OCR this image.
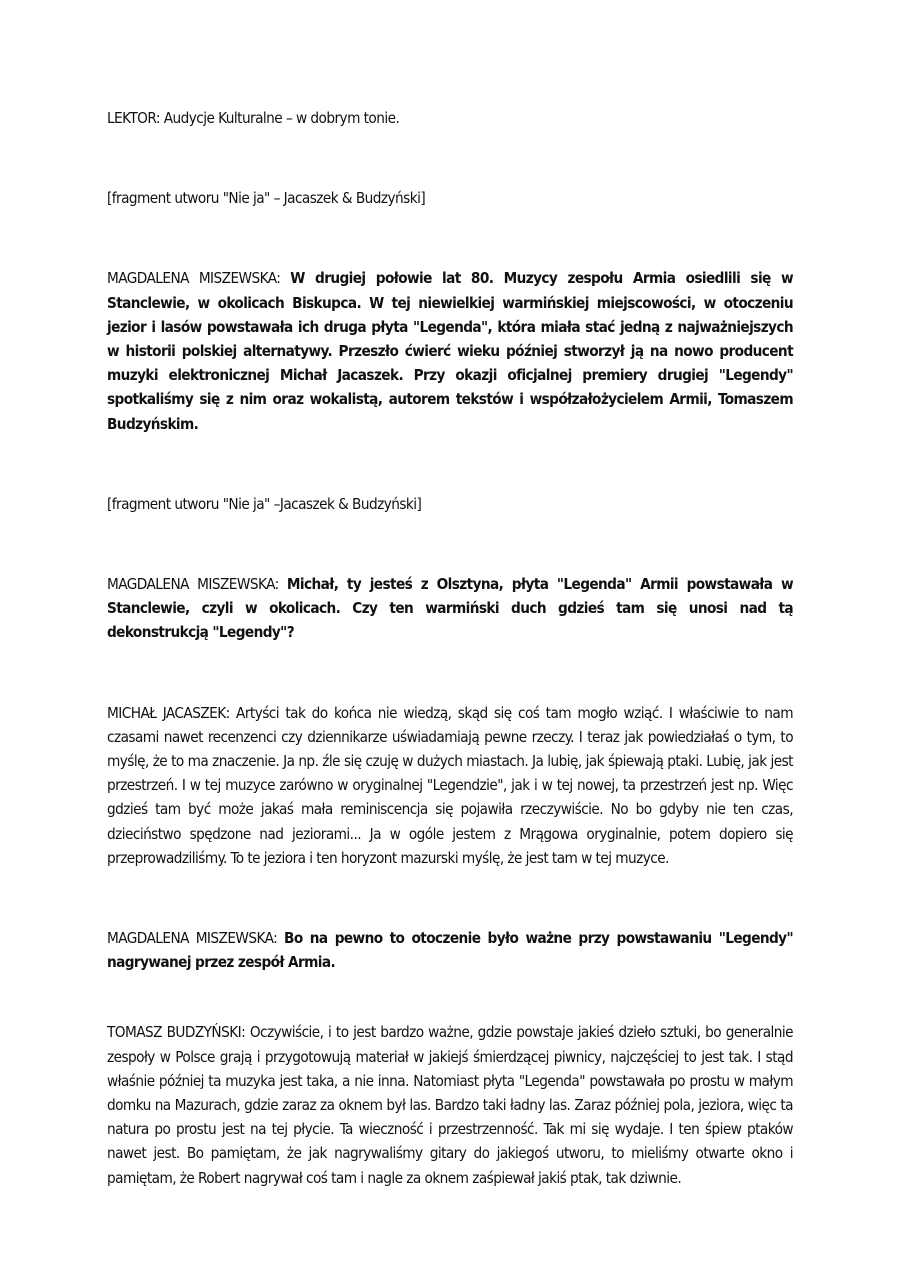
LEKTOR: Audycje Kulturalne – w dobrym tonie.

[fragment utworu "Nie ja" – Jacaszek & Budzyński]

MAGDALENA MISZEWSKA: W drugiej połowie lat 80. Muzycy zespołu Armia osiedlili się w Stanclewie, w okolicach Biskupca. W tej niewielkiej warmińskiej miejscowości, w otoczeniu jezior i lasów powstawała ich druga płyta "Legenda", która miała stać jedną z najważniejszych w historii polskiej alternatywy. Przeszło ćwierć wieku później stworzył ją na nowo producent muzyki elektronicznej Michał Jacaszek. Przy okazji oficjalnej premiery drugiej "Legendy" spotkaliśmy się z nim oraz wokalistą, autorem tekstów i współzałożycielem Armii, Tomaszem Budzyńskim.

[fragment utworu "Nie ja" –Jacaszek & Budzyński]

MAGDALENA MISZEWSKA: Michał, ty jesteś z Olsztyna, płyta "Legenda" Armii powstawała w Stanclewie, czyli w okolicach. Czy ten warmiński duch gdzieś tam się unosi nad tą dekonstrukcją "Legendy"?

MICHAŁ JACASZEK: Artyści tak do końca nie wiedzą, skąd się coś tam mogło wziąć. I właściwie to nam czasami nawet recenzenci czy dziennikarze uświadamiają pewne rzeczy. I teraz jak powiedziałaś o tym, to myślę, że to ma znaczenie. Ja np. źle się czuję w dużych miastach. Ja lubię, jak śpiewają ptaki. Lubię, jak jest przestrzeń. I w tej muzyce zarówno w oryginalnej "Legendzie", jak i w tej nowej, ta przestrzeń jest np. Więc gdzieś tam być może jakaś mała reminiscencja się pojawiła rzeczywiście. No bo gdyby nie ten czas, dzieciństwo spędzone nad jeziorami... Ja w ogóle jestem z Mrągowa oryginalnie, potem dopiero się przeprowadziliśmy. To te jeziora i ten horyzont mazurski myślę, że jest tam w tej muzyce.

MAGDALENA MISZEWSKA: Bo na pewno to otoczenie było ważne przy powstawaniu "Legendy" nagrywanej przez zespół Armia.

TOMASZ BUDZYŃSKI: Oczywiście, i to jest bardzo ważne, gdzie powstaje jakieś dzieło sztuki, bo generalnie zespoły w Polsce grają i przygotowują materiał w jakiejś śmierdzącej piwnicy, najczęściej to jest tak. I stąd właśnie później ta muzyka jest taka, a nie inna. Natomiast płyta "Legenda" powstawała po prostu w małym domku na Mazurach, gdzie zaraz za oknem był las. Bardzo taki ładny las. Zaraz później pola, jeziora, więc ta natura po prostu jest na tej płycie. Ta wieczność i przestrzenność. Tak mi się wydaje. I ten śpiew ptaków nawet jest. Bo pamiętam, że jak nagrywaliśmy gitary do jakiegoś utworu, to mieliśmy otwarte okno i pamiętam, że Robert nagrywał coś tam i nagle za oknem zaśpiewał jakiś ptak, tak dziwnie.
